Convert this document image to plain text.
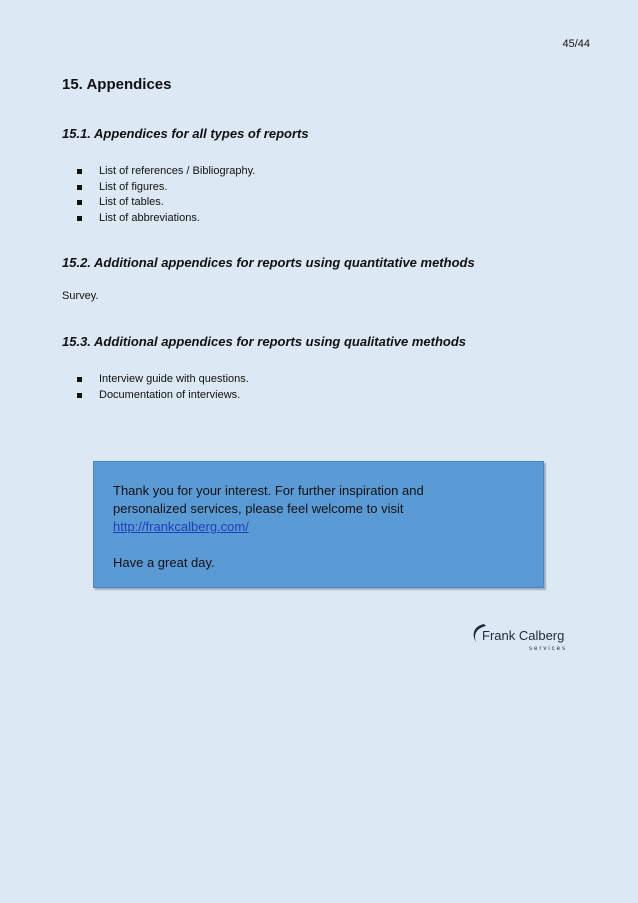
45/44
15. Appendices
15.1. Appendices for all types of reports
List of references / Bibliography.
List of figures.
List of tables.
List of abbreviations.
15.2. Additional appendices for reports using quantitative methods

Survey.

15.3. Additional appendices for reports using qualitative methods
Interview guide with questions.
Documentation of interviews.
Thank you for your interest. For further inspiration and
personalized services, please feel welcome to visit
http://frankcalberg.com/
Have a great day.
Frank Calberg
services
